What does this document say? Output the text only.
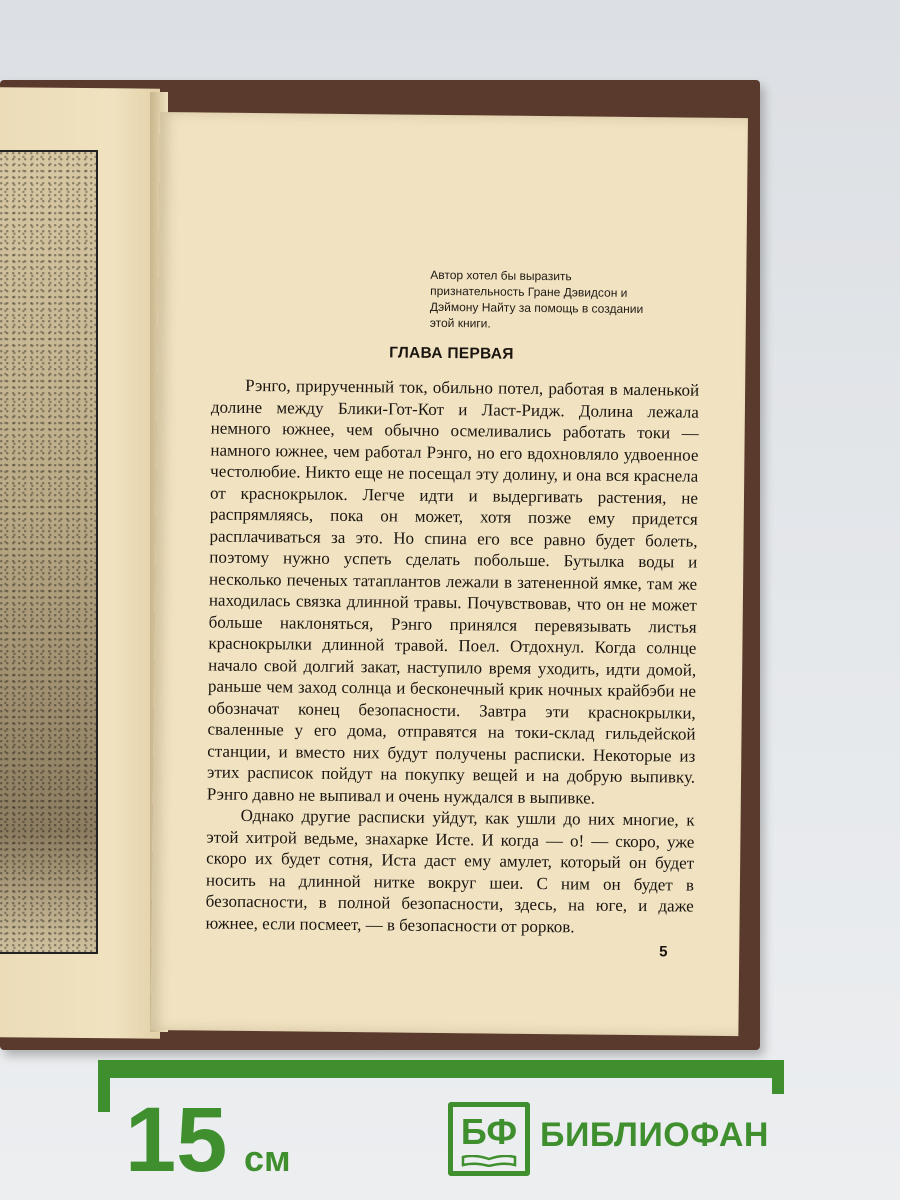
Автор хотел бы выразить признательность Гране Дэвидсон и Дэймону Найту за помощь в создании этой книги.
ГЛАВА ПЕРВАЯ

Рэнго, прирученный ток, обильно потел, работая в маленькой долине между Блики-Гот-Кот и Ласт-Ридж. Долина лежала немного южнее, чем обычно осмеливались работать токи — намного южнее, чем работал Рэнго, но его вдохновляло удвоенное честолюбие. Никто еще не посещал эту долину, и она вся краснела от краснокрылок. Легче идти и выдергивать растения, не распрямляясь, пока он может, хотя позже ему придется расплачиваться за это. Но спина его все равно будет болеть, поэтому нужно успеть сделать побольше. Бутылка воды и несколько печеных татаплантов лежали в затененной ямке, там же находилась связка длинной травы. Почувствовав, что он не может больше наклоняться, Рэнго принялся перевязывать листья краснокрылки длинной травой. Поел. Отдохнул. Когда солнце начало свой долгий закат, наступило время уходить, идти домой, раньше чем заход солнца и бесконечный крик ночных крайбэби не обозначат конец безопасности. Завтра эти краснокрылки, сваленные у его дома, отправятся на токи-склад гильдейской станции, и вместо них будут получены расписки. Некоторые из этих расписок пойдут на покупку вещей и на добрую выпивку. Рэнго давно не выпивал и очень нуждался в выпивке.

Однако другие расписки уйдут, как ушли до них многие, к этой хитрой ведьме, знахарке Исте. И когда — о! — скоро, уже скоро их будет сотня, Иста даст ему амулет, который он будет носить на длинной нитке вокруг шеи. С ним он будет в безопасности, в полной безопасности, здесь, на юге, и даже южнее, если посмеет, — в безопасности от рорков.

5
15 см
БФ БИБЛИОФАН
